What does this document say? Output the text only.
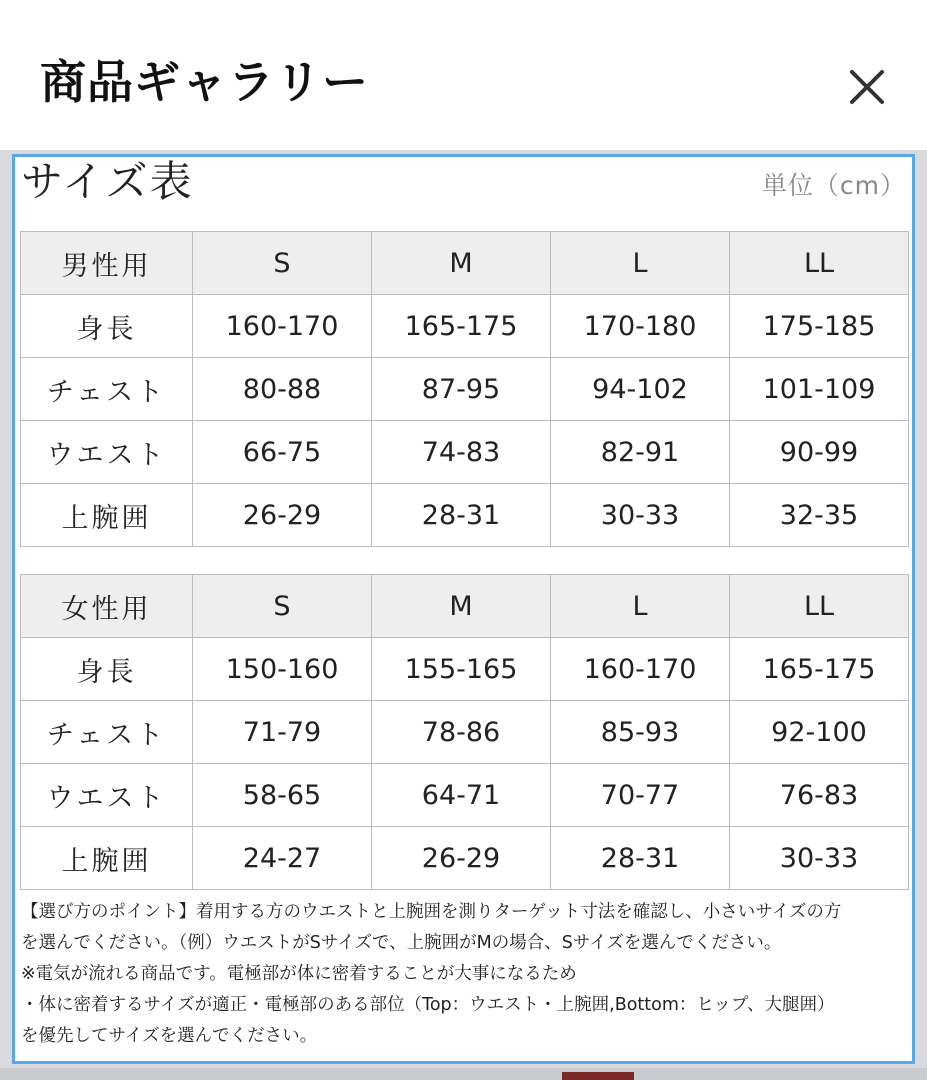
商品ギャラリー
サイズ表	単位（cm）
男性用	S	M	L	LL
身長	160-170	165-175	170-180	175-185
チェスト	80-88	87-95	94-102	101-109
ウエスト	66-75	74-83	82-91	90-99
上腕囲	26-29	28-31	30-33	32-35
女性用	S	M	L	LL
身長	150-160	155-165	160-170	165-175
チェスト	71-79	78-86	85-93	92-100
ウエスト	58-65	64-71	70-77	76-83
上腕囲	24-27	26-29	28-31	30-33
【選び方のポイント】着用する方のウエストと上腕囲を測りターゲット寸法を確認し、小さいサイズの方
を選んでください。（例）ウエストがSサイズで、上腕囲がMの場合、Sサイズを選んでください。
※電気が流れる商品です。電極部が体に密着することが大事になるため
・体に密着するサイズが適正・電極部のある部位（Top：ウエスト・上腕囲,Bottom：ヒップ、大腿囲）
を優先してサイズを選んでください。
